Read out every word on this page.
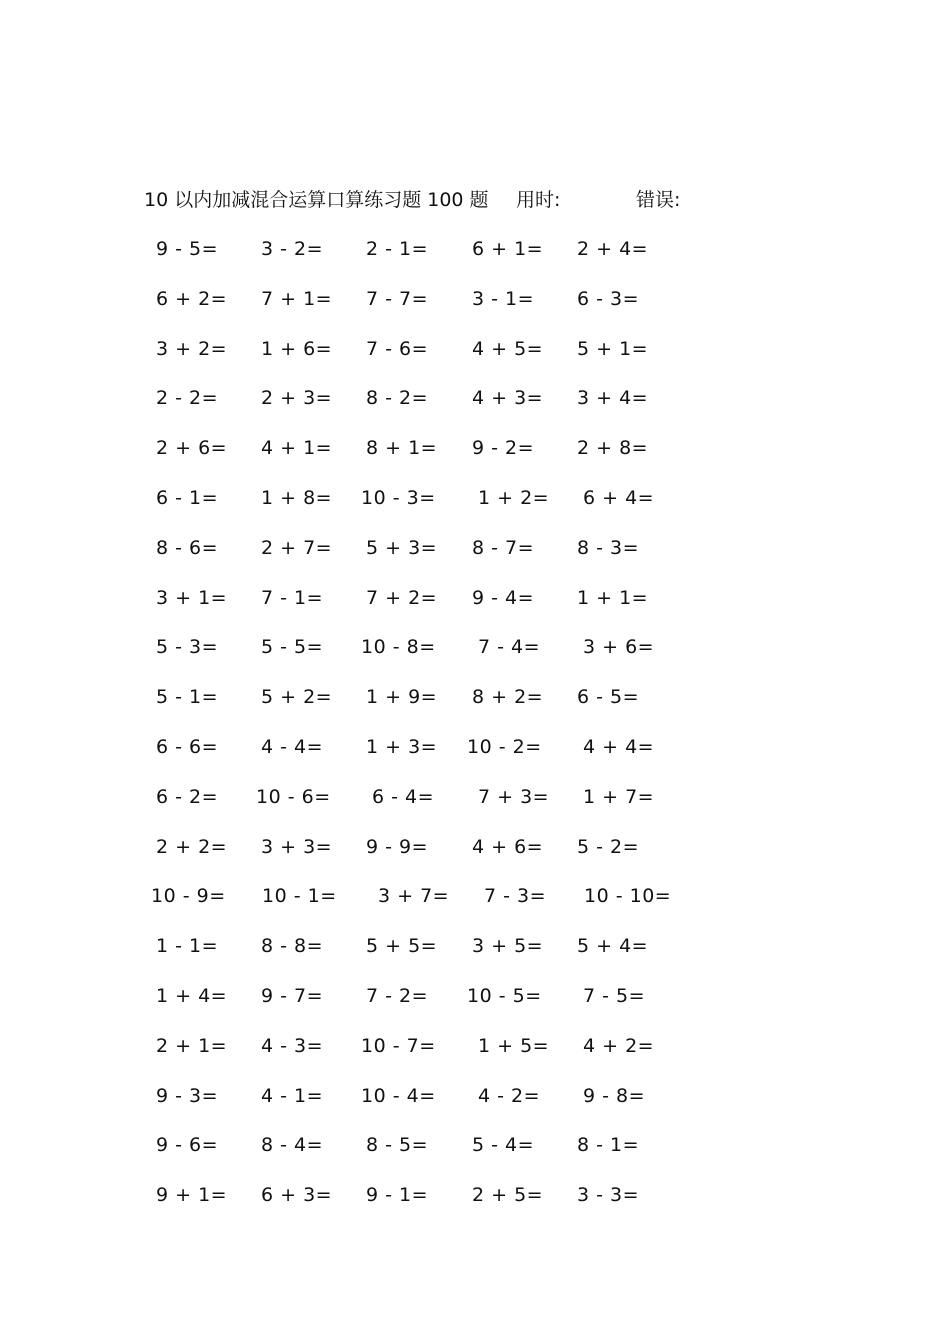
10 以内加减混合运算口算练习题 100 题 用时:	错误:
9 - 5= 3 - 2= 2 - 1= 6 + 1= 2 + 4=
6 + 2= 7 + 1= 7 - 7= 3 - 1= 6 - 3=
3 + 2= 1 + 6= 7 - 6= 4 + 5= 5 + 1=
2 - 2= 2 + 3= 8 - 2= 4 + 3= 3 + 4=
2 + 6= 4 + 1= 8 + 1= 9 - 2= 2 + 8=
6 - 1= 1 + 8= 10 - 3= 1 + 2= 6 + 4=
8 - 6= 2 + 7= 5 + 3= 8 - 7= 8 - 3=
3 + 1= 7 - 1= 7 + 2= 9 - 4= 1 + 1=
5 - 3= 5 - 5= 10 - 8= 7 - 4= 3 + 6=
5 - 1= 5 + 2= 1 + 9= 8 + 2= 6 - 5=
6 - 6= 4 - 4= 1 + 3= 10 - 2= 4 + 4=
6 - 2= 10 - 6= 6 - 4= 7 + 3= 1 + 7=
2 + 2= 3 + 3= 9 - 9= 4 + 6= 5 - 2=
10 - 9= 10 - 1= 3 + 7= 7 - 3= 10 - 10=
1 - 1= 8 - 8= 5 + 5= 3 + 5= 5 + 4=
1 + 4= 9 - 7= 7 - 2= 10 - 5= 7 - 5=
2 + 1= 4 - 3= 10 - 7= 1 + 5= 4 + 2=
9 - 3= 4 - 1= 10 - 4= 4 - 2= 9 - 8=
9 - 6= 8 - 4= 8 - 5= 5 - 4= 8 - 1=
9 + 1= 6 + 3= 9 - 1= 2 + 5= 3 - 3=
